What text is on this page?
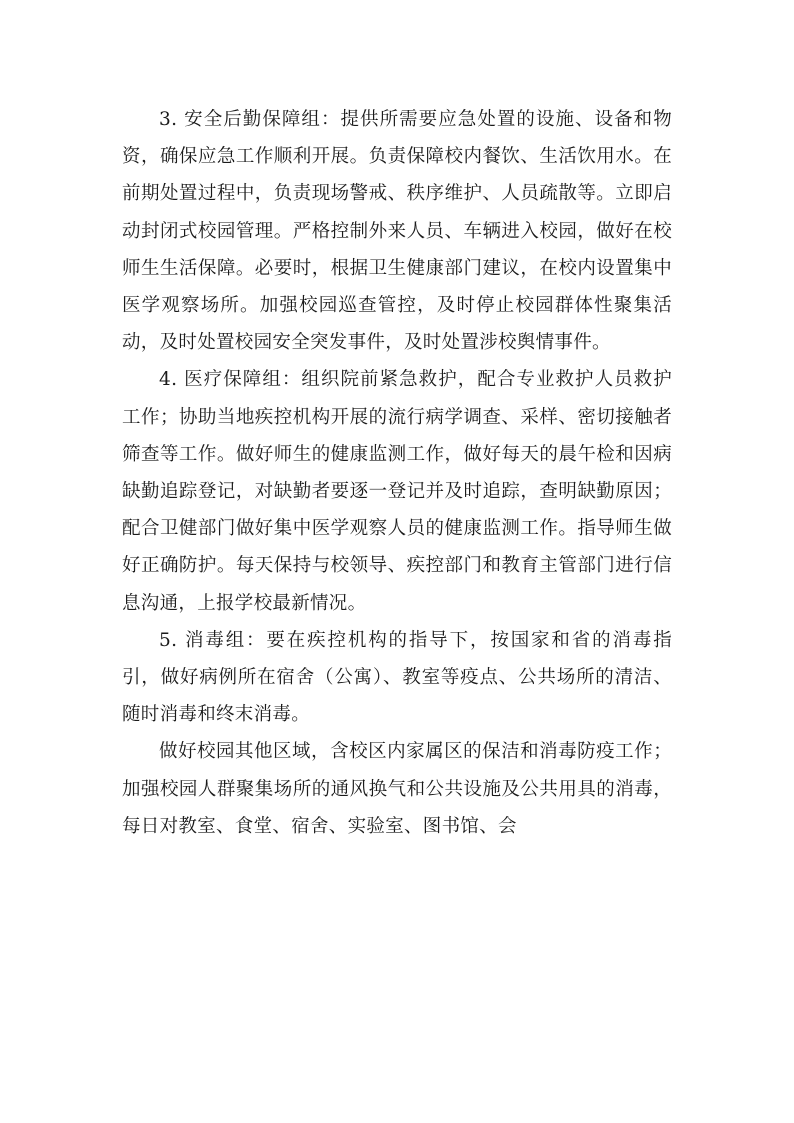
3. 安全后勤保障组：提供所需要应急处置的设施、设备和物资，确保应急工作顺利开展。负责保障校内餐饮、生活饮用水。在前期处置过程中，负责现场警戒、秩序维护、人员疏散等。立即启动封闭式校园管理。严格控制外来人员、车辆进入校园，做好在校师生生活保障。必要时，根据卫生健康部门建议，在校内设置集中医学观察场所。加强校园巡查管控，及时停止校园群体性聚集活动，及时处置校园安全突发事件，及时处置涉校舆情事件。

4. 医疗保障组：组织院前紧急救护，配合专业救护人员救护工作；协助当地疾控机构开展的流行病学调查、采样、密切接触者筛查等工作。做好师生的健康监测工作，做好每天的晨午检和因病缺勤追踪登记，对缺勤者要逐一登记并及时追踪，查明缺勤原因；配合卫健部门做好集中医学观察人员的健康监测工作。指导师生做好正确防护。每天保持与校领导、疾控部门和教育主管部门进行信息沟通，上报学校最新情况。

5. 消毒组：要在疾控机构的指导下，按国家和省的消毒指引，做好病例所在宿舍（公寓）、教室等疫点、公共场所的清洁、随时消毒和终末消毒。

做好校园其他区域，含校区内家属区的保洁和消毒防疫工作；加强校园人群聚集场所的通风换气和公共设施及公共用具的消毒，每日对教室、食堂、宿舍、实验室、图书馆、会
